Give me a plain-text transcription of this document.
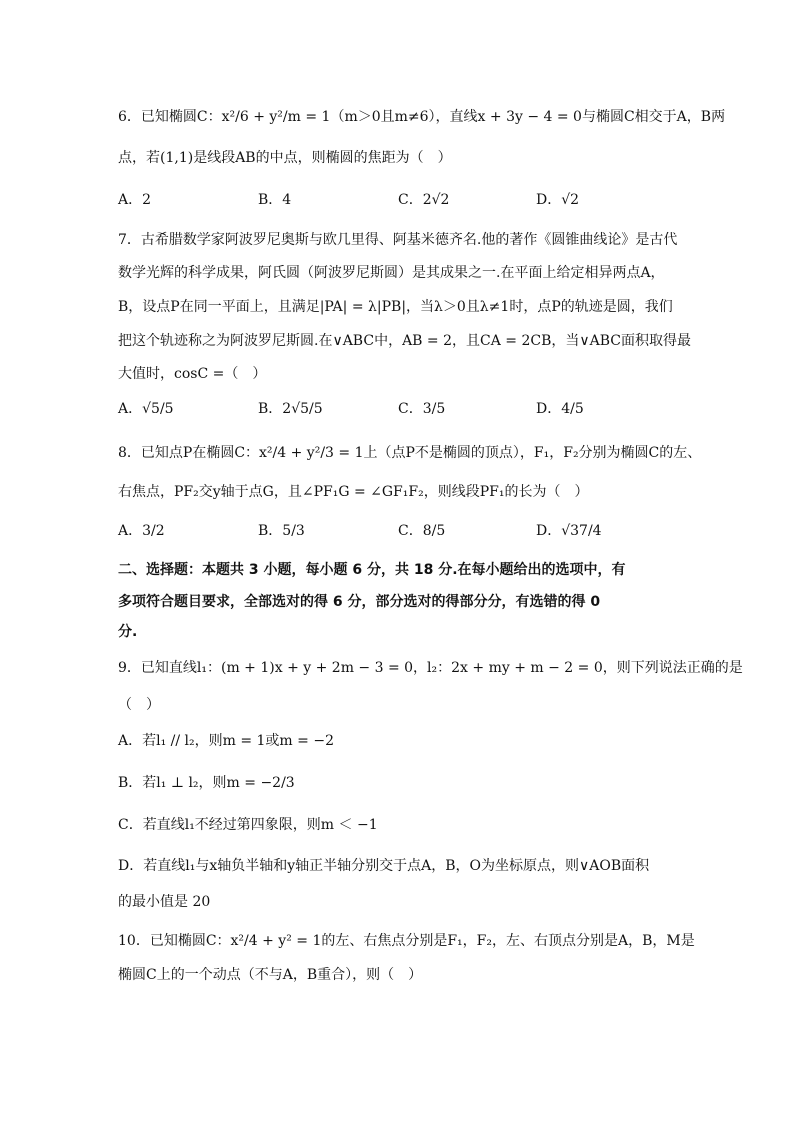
6．已知椭圆C：x²/6 + y²/m = 1（m＞0且m≠6），直线x + 3y − 4 = 0与椭圆C相交于A，B两
点，若(1,1)是线段AB的中点，则椭圆的焦距为（　）
A．2	B．4	C．2√2	D．√2
7．古希腊数学家阿波罗尼奥斯与欧几里得、阿基米德齐名.他的著作《圆锥曲线论》是古代
数学光辉的科学成果，阿氏圆（阿波罗尼斯圆）是其成果之一.在平面上给定相异两点A，
B，设点P在同一平面上，且满足|PA| = λ|PB|，当λ＞0且λ≠1时，点P的轨迹是圆，我们
把这个轨迹称之为阿波罗尼斯圆.在∨ABC中，AB = 2，且CA = 2CB，当∨ABC面积取得最
大值时，cosC =（　）
A．√5/5	B．2√5/5	C．3/5	D．4/5
8．已知点P在椭圆C：x²/4 + y²/3 = 1上（点P不是椭圆的顶点），F₁，F₂分别为椭圆C的左、
右焦点，PF₂交y轴于点G，且∠PF₁G = ∠GF₁F₂，则线段PF₁的长为（　）
A．3/2	B．5/3	C．8/5	D．√37/4
二、选择题：本题共 3 小题，每小题 6 分，共 18 分.在每小题给出的选项中，有
多项符合题目要求，全部选对的得 6 分，部分选对的得部分分，有选错的得 0
分.
9．已知直线l₁：(m + 1)x + y + 2m − 3 = 0，l₂：2x + my + m − 2 = 0，则下列说法正确的是
（　）
A．若l₁ // l₂，则m = 1或m = −2
B．若l₁ ⊥ l₂，则m = −2/3
C．若直线l₁不经过第四象限，则m ＜ −1
D．若直线l₁与x轴负半轴和y轴正半轴分别交于点A，B，O为坐标原点，则∨AOB面积
的最小值是 20
10．已知椭圆C：x²/4 + y² = 1的左、右焦点分别是F₁，F₂，左、右顶点分别是A，B，M是
椭圆C上的一个动点（不与A，B重合），则（　）
